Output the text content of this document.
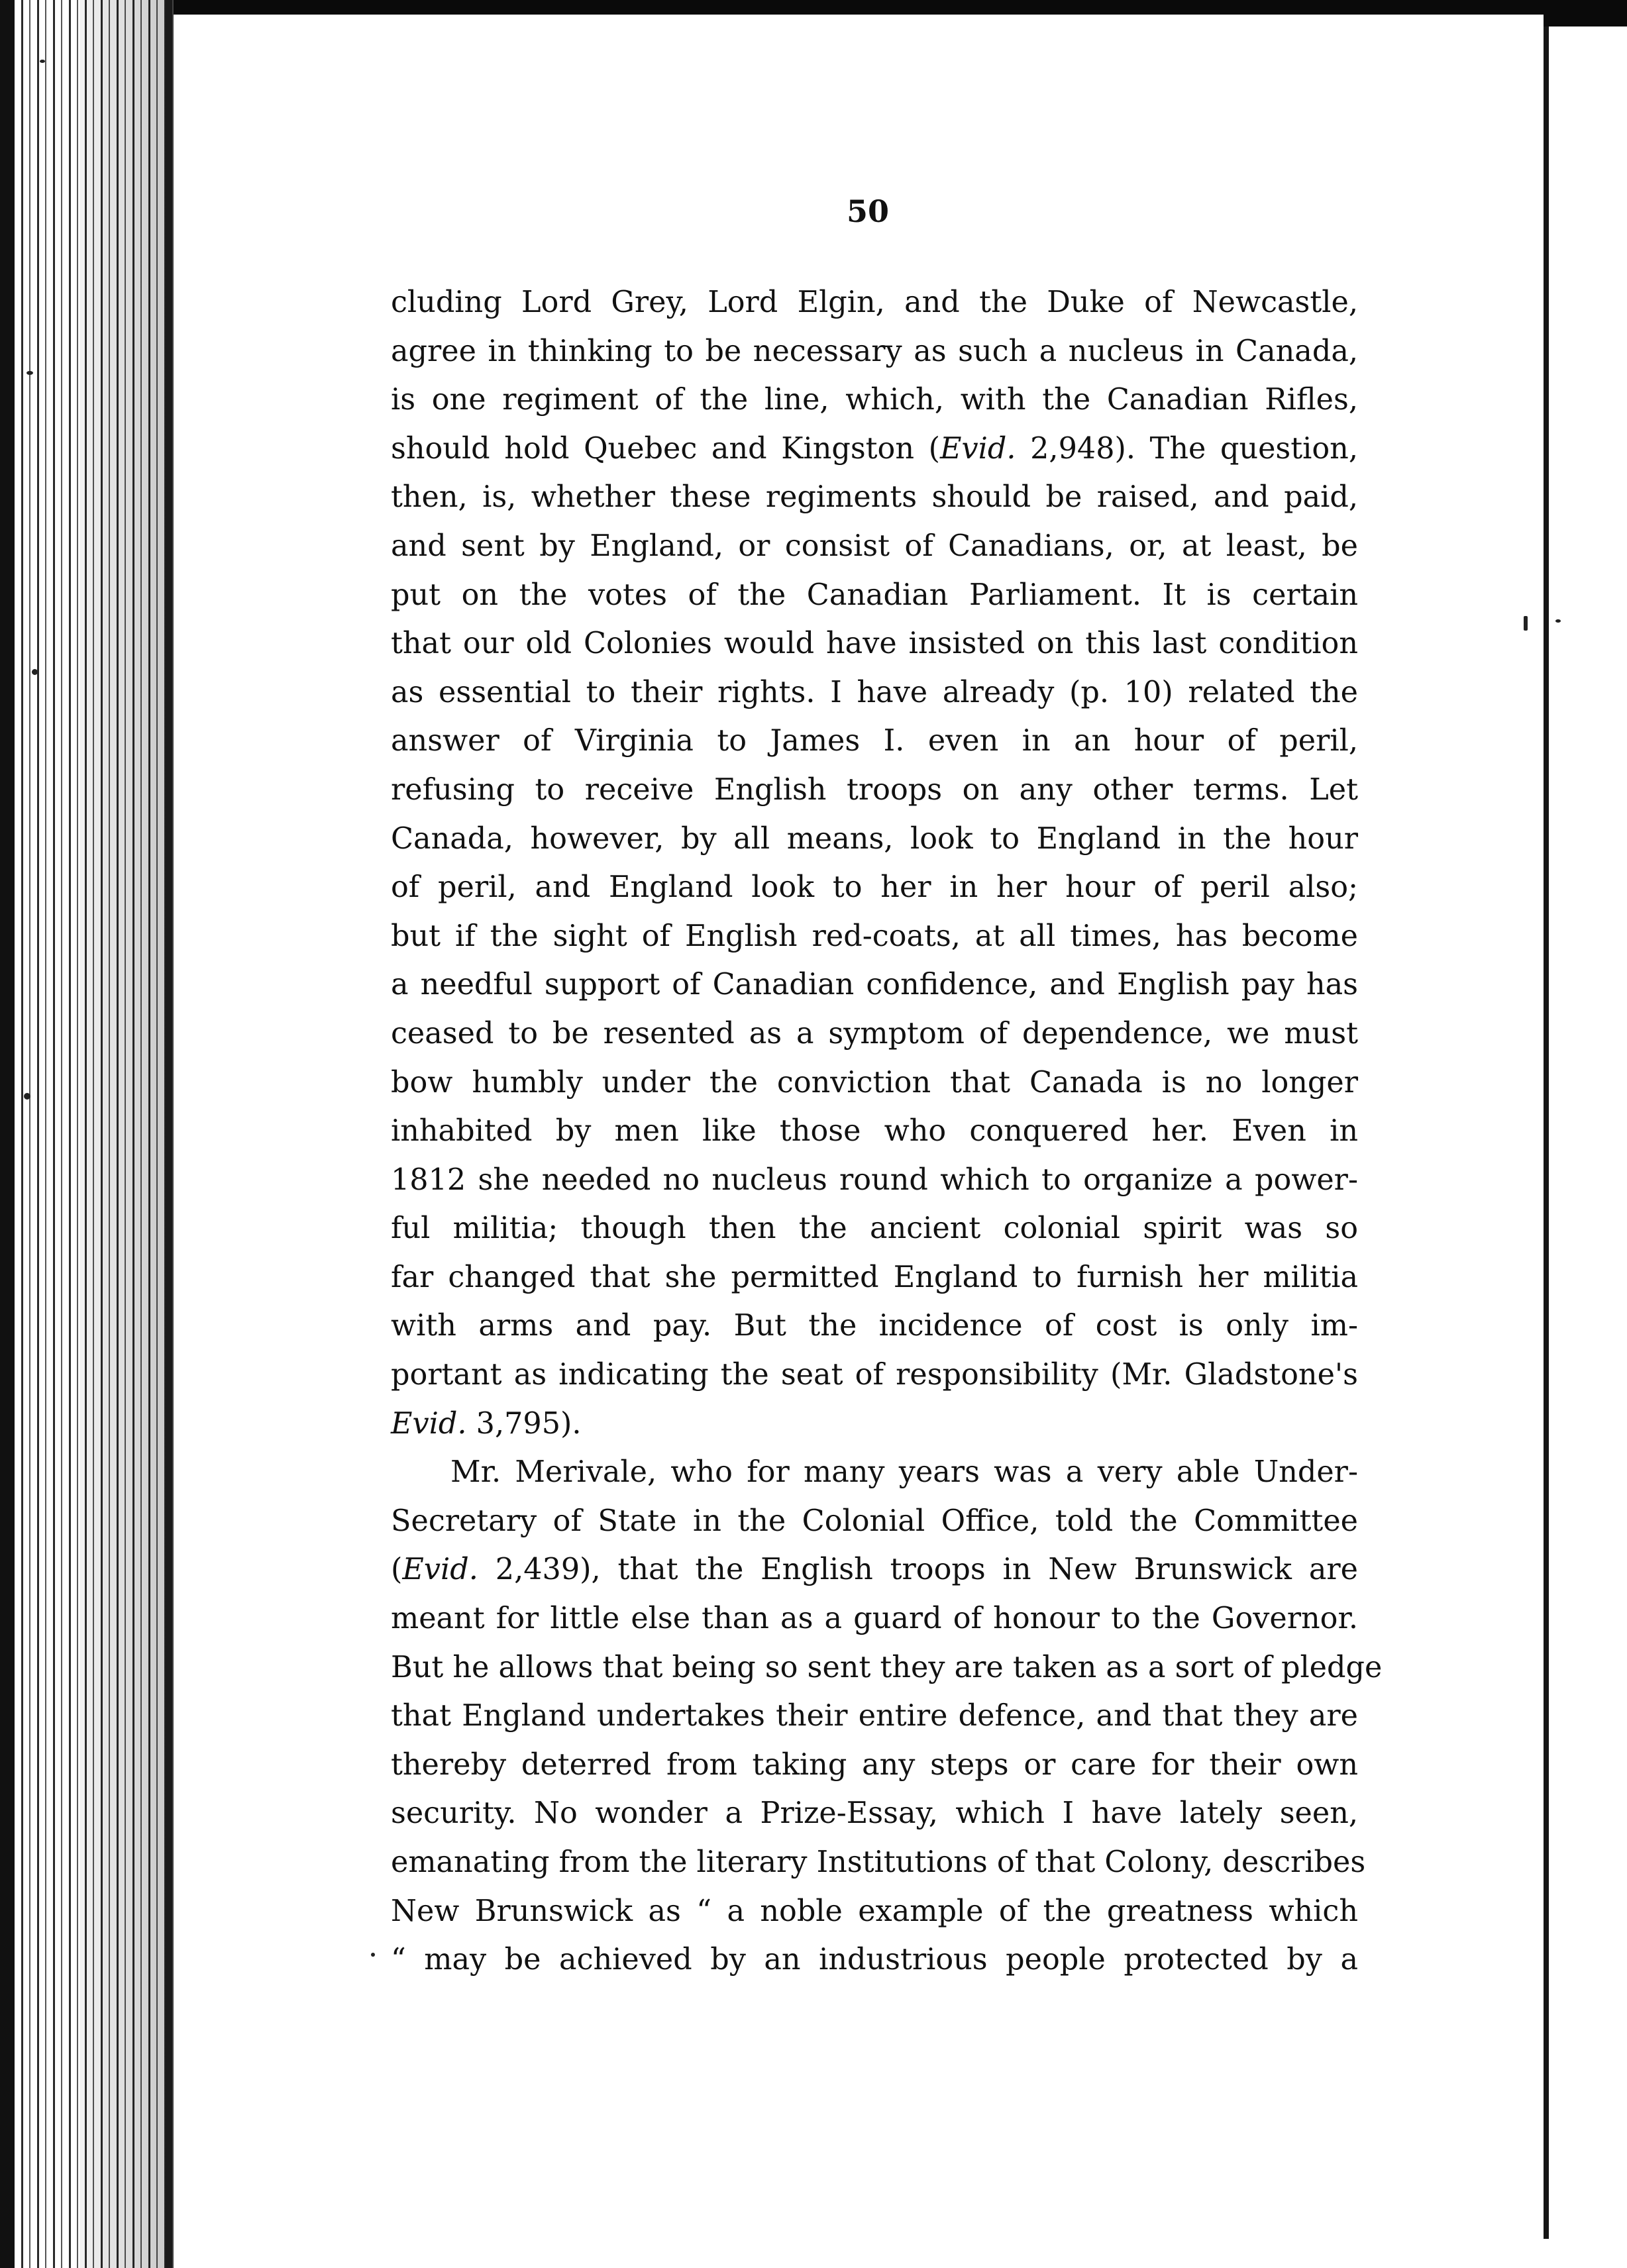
50
cluding Lord Grey, Lord Elgin, and the Duke of Newcastle,
agree in thinking to be necessary as such a nucleus in Canada,
is one regiment of the line, which, with the Canadian Rifles,
should hold Quebec and Kingston (Evid. 2,948). The question,
then, is, whether these regiments should be raised, and paid,
and sent by England, or consist of Canadians, or, at least, be
put on the votes of the Canadian Parliament. It is certain
that our old Colonies would have insisted on this last condition
as essential to their rights. I have already (p. 10) related the
answer of Virginia to James I. even in an hour of peril,
refusing to receive English troops on any other terms. Let
Canada, however, by all means, look to England in the hour
of peril, and England look to her in her hour of peril also;
but if the sight of English red-coats, at all times, has become
a needful support of Canadian confidence, and English pay has
ceased to be resented as a symptom of dependence, we must
bow humbly under the conviction that Canada is no longer
inhabited by men like those who conquered her. Even in
1812 she needed no nucleus round which to organize a power-
ful militia; though then the ancient colonial spirit was so
far changed that she permitted England to furnish her militia
with arms and pay. But the incidence of cost is only im-
portant as indicating the seat of responsibility (Mr. Gladstone's
Evid. 3,795).
Mr. Merivale, who for many years was a very able Under-
Secretary of State in the Colonial Office, told the Committee
(Evid. 2,439), that the English troops in New Brunswick are
meant for little else than as a guard of honour to the Governor.
But he allows that being so sent they are taken as a sort of pledge
that England undertakes their entire defence, and that they are
thereby deterred from taking any steps or care for their own
security. No wonder a Prize-Essay, which I have lately seen,
emanating from the literary Institutions of that Colony, describes
New Brunswick as “ a noble example of the greatness which
“ may be achieved by an industrious people protected by a
